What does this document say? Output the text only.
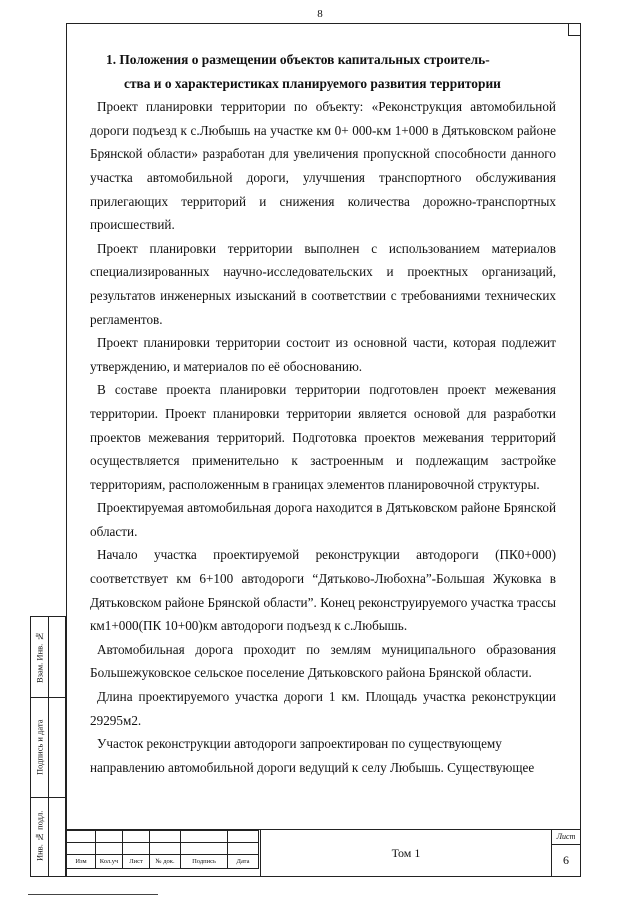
8
1. Положения о размещении объектов капитальных строитель-
ства и о характеристиках планируемого развития территории

Проект планировки территории по объекту: «Реконструкция автомобильной дороги подъезд к с.Любышь на участке км 0+ 000-км 1+000 в Дятьковском районе Брянской области» разработан для увеличения пропускной способности данного участка автомобильной дороги, улучшения транспортного обслуживания прилегающих территорий и снижения количества дорожно-транспортных происшествий.

Проект планировки территории выполнен с использованием материалов специализированных научно-исследовательских и проектных организаций, результатов инженерных изысканий в соответствии с требованиями технических регламентов.

Проект планировки территории состоит из основной части, которая подлежит утверждению, и материалов по её обоснованию.

В составе проекта планировки территории подготовлен проект межевания территории. Проект планировки территории является основой для разработки проектов межевания территорий. Подготовка проектов межевания территорий осуществляется применительно к застроенным и подлежащим застройке территориям, расположенным в границах элементов планировочной структуры.

Проектируемая автомобильная дорога находится в Дятьковском районе Брянской области.

Начало участка проектируемой реконструкции автодороги (ПК0+000) соответствует км 6+100 автодороги “Дятьково-Любохна”-Большая Жуковка в Дятьковском районе Брянской области”. Конец реконструируемого участка трассы км1+000(ПК 10+00)км автодороги подъезд к с.Любышь.

Автомобильная дорога проходит по землям муниципального образования Большежуковское сельское поселение Дятьковского района Брянской области.

Длина проектируемого участка дороги 1 км. Площадь участка реконструкции 29295м2.

Участок реконструкции автодороги запроектирован по существующему направлению автомобильной дороги ведущий к селу Любышь. Существующее

Взам. Инв. №
Подпись и дата
Инв. № подл.

Изм	Кол.уч	Лист	№ док.	Подпись	Дата
Том 1
Лист
6
